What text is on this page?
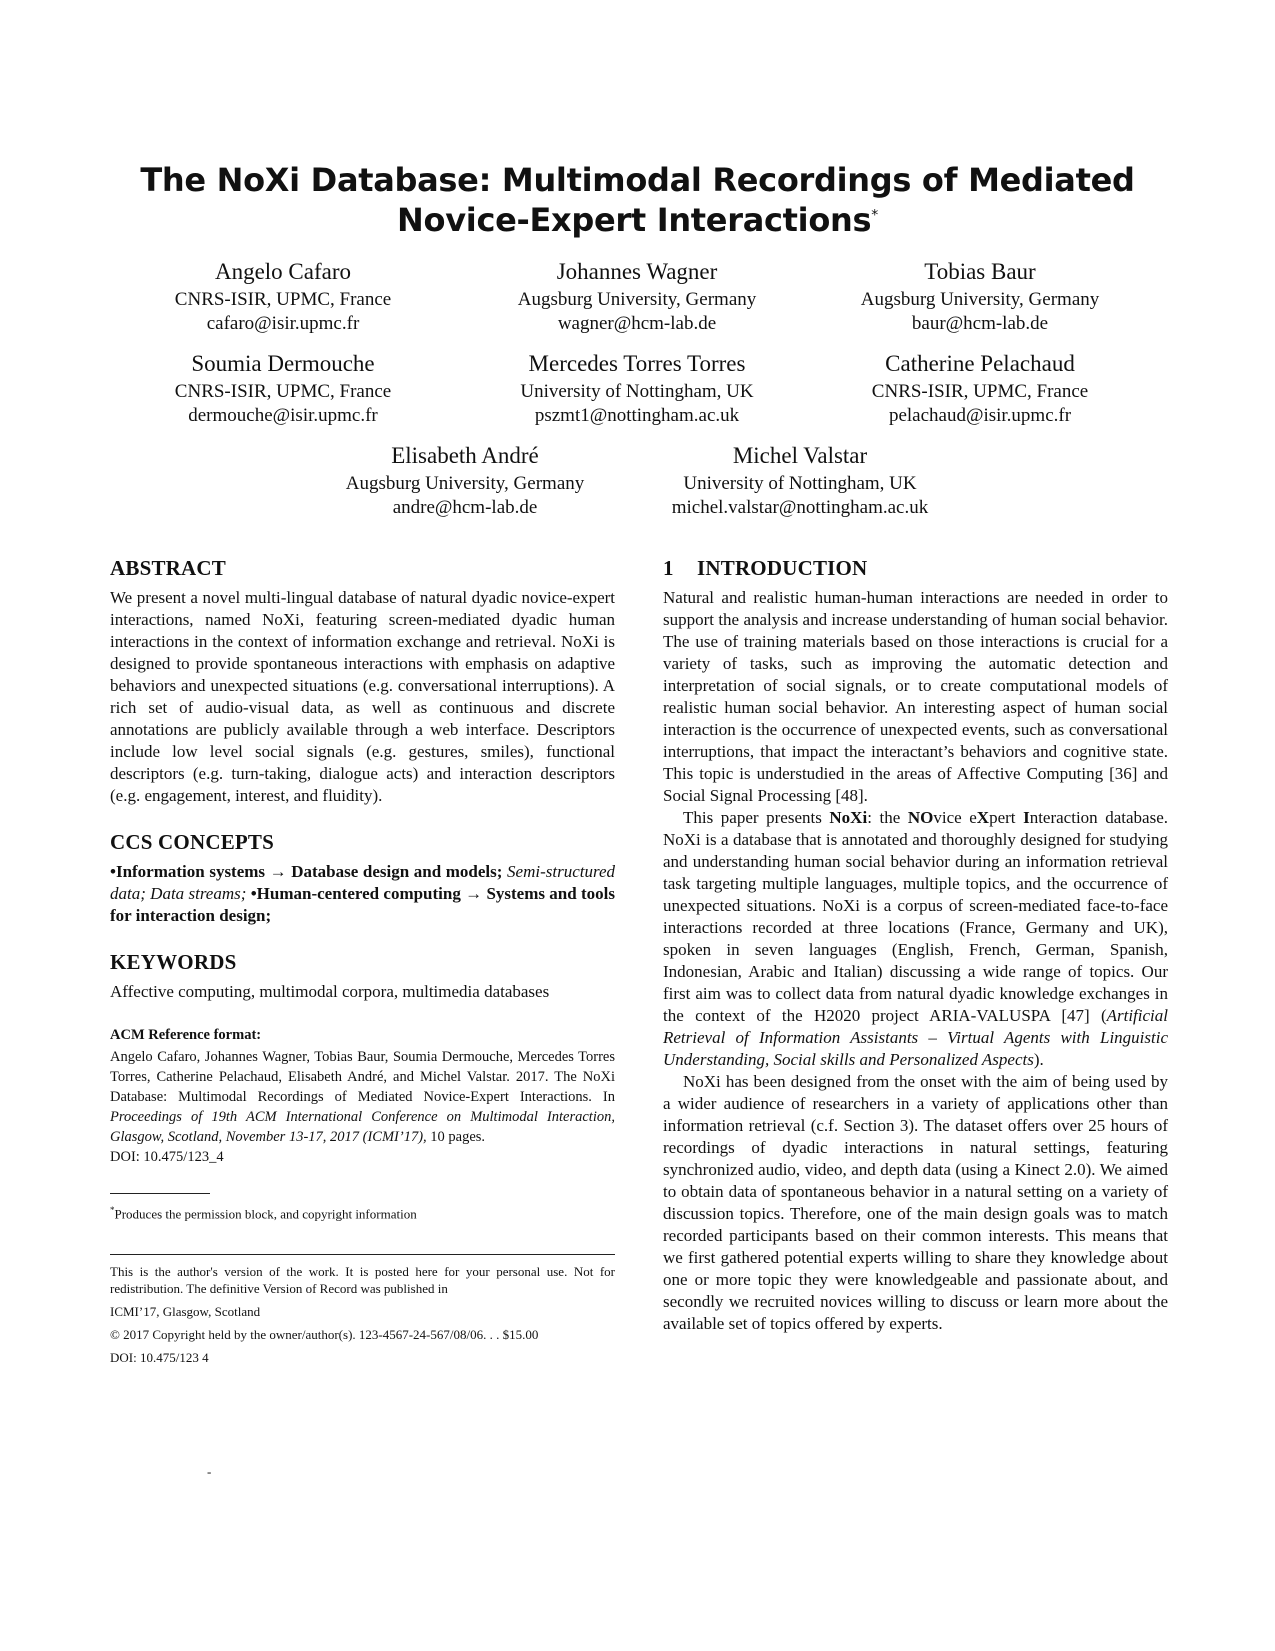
The NoXi Database: Multimodal Recordings of Mediated
Novice-Expert Interactions*
Angelo Cafaro
CNRS-ISIR, UPMC, France
cafaro@isir.upmc.fr
Johannes Wagner
Augsburg University, Germany
wagner@hcm-lab.de
Tobias Baur
Augsburg University, Germany
baur@hcm-lab.de
Soumia Dermouche
CNRS-ISIR, UPMC, France
dermouche@isir.upmc.fr
Mercedes Torres Torres
University of Nottingham, UK
pszmt1@nottingham.ac.uk
Catherine Pelachaud
CNRS-ISIR, UPMC, France
pelachaud@isir.upmc.fr
Elisabeth André
Augsburg University, Germany
andre@hcm-lab.de
Michel Valstar
University of Nottingham, UK
michel.valstar@nottingham.ac.uk
ABSTRACT

We present a novel multi-lingual database of natural dyadic novice-expert interactions, named NoXi, featuring screen-mediated dyadic human interactions in the context of information exchange and retrieval. NoXi is designed to provide spontaneous interactions with emphasis on adaptive behaviors and unexpected situations (e.g. conversational interruptions). A rich set of audio-visual data, as well as continuous and discrete annotations are publicly available through a web interface. Descriptors include low level social signals (e.g. gestures, smiles), functional descriptors (e.g. turn-taking, dialogue acts) and interaction descriptors (e.g. engagement, interest, and fluidity).

CCS CONCEPTS

•Information systems → Database design and models; Semi-structured data; Data streams; •Human-centered computing → Systems and tools for interaction design;

KEYWORDS

Affective computing, multimodal corpora, multimedia databases

ACM Reference format:

Angelo Cafaro, Johannes Wagner, Tobias Baur, Soumia Dermouche, Mercedes Torres Torres, Catherine Pelachaud, Elisabeth André, and Michel Valstar. 2017. The NoXi Database: Multimodal Recordings of Mediated Novice-Expert Interactions. In Proceedings of 19th ACM International Conference on Multimodal Interaction, Glasgow, Scotland, November 13-17, 2017 (ICMI’17), 10 pages.

DOI: 10.475/123_4
*Produces the permission block, and copyright information

This is the author's version of the work. It is posted here for your personal use. Not for redistribution. The definitive Version of Record was published in

ICMI’17, Glasgow, Scotland

© 2017 Copyright held by the owner/author(s). 123-4567-24-567/08/06. . . $15.00

DOI: 10.475/123 4

-
1 INTRODUCTION

Natural and realistic human-human interactions are needed in order to support the analysis and increase understanding of human social behavior. The use of training materials based on those interactions is crucial for a variety of tasks, such as improving the automatic detection and interpretation of social signals, or to create computational models of realistic human social behavior. An interesting aspect of human social interaction is the occurrence of unexpected events, such as conversational interruptions, that impact the interactant’s behaviors and cognitive state. This topic is understudied in the areas of Affective Computing [36] and Social Signal Processing [48].

This paper presents NoXi: the NOvice eXpert Interaction database. NoXi is a database that is annotated and thoroughly designed for studying and understanding human social behavior during an information retrieval task targeting multiple languages, multiple topics, and the occurrence of unexpected situations. NoXi is a corpus of screen-mediated face-to-face interactions recorded at three locations (France, Germany and UK), spoken in seven languages (English, French, German, Spanish, Indonesian, Arabic and Italian) discussing a wide range of topics. Our first aim was to collect data from natural dyadic knowledge exchanges in the context of the H2020 project ARIA-VALUSPA [47] (Artificial Retrieval of Information Assistants – Virtual Agents with Linguistic Understanding, Social skills and Personalized Aspects).

NoXi has been designed from the onset with the aim of being used by a wider audience of researchers in a variety of applications other than information retrieval (c.f. Section 3). The dataset offers over 25 hours of recordings of dyadic interactions in natural settings, featuring synchronized audio, video, and depth data (using a Kinect 2.0). We aimed to obtain data of spontaneous behavior in a natural setting on a variety of discussion topics. Therefore, one of the main design goals was to match recorded participants based on their common interests. This means that we first gathered potential experts willing to share they knowledge about one or more topic they were knowledgeable and passionate about, and secondly we recruited novices willing to discuss or learn more about the available set of topics offered by experts.
